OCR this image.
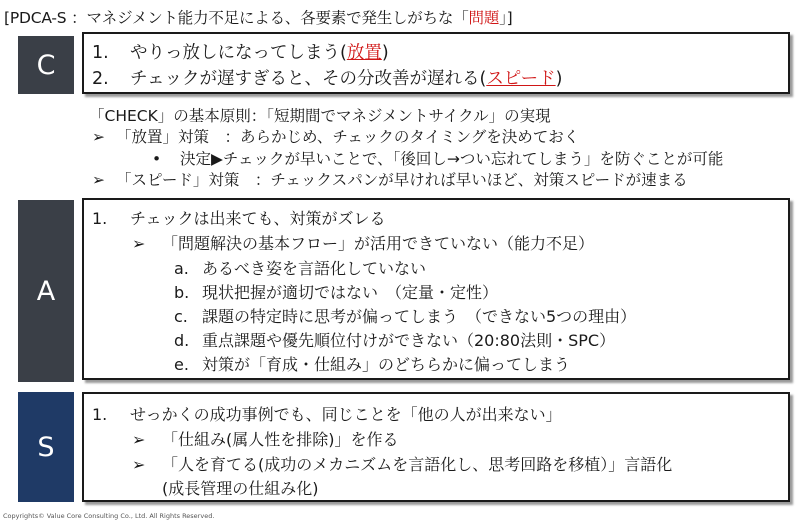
[PDCA-S ：マネジメント能力不足による、各要素で発生しがちな「問題」]
C	1. やりっ放しになってしまう(放置)
2. チェックが遅すぎると、その分改善が遅れる(スピード)
「CHECK」の基本原則：「短期間でマネジメントサイクル」の実現
➢ 「放置」対策　：あらかじめ、チェックのタイミングを決めておく
• 決定▶チェックが早いことで、「後回し→つい忘れてしまう」を防ぐことが可能
➢ 「スピード」対策　：チェックスパンが早ければ早いほど、対策スピードが速まる
A
1. チェックは出来ても、対策がズレる
➢ 「問題解決の基本フロー」が活用できていない（能力不足）
a. あるべき姿を言語化していない
b. 現状把握が適切ではない　（定量・定性）
c. 課題の特定時に思考が偏ってしまう　（できない5つの理由）
d. 重点課題や優先順位付けができない（20:80法則・SPC）
e. 対策が「育成・仕組み」のどちらかに偏ってしまう
S
1. せっかくの成功事例でも、同じことを「他の人が出来ない」
➢ 「仕組み(属人性を排除)」を作る
➢ 「人を育てる(成功のメカニズムを言語化し、思考回路を移植）」言語化
(成長管理の仕組み化)
Copyrights© Value Core Consulting Co., Ltd. All Rights Reserved.
